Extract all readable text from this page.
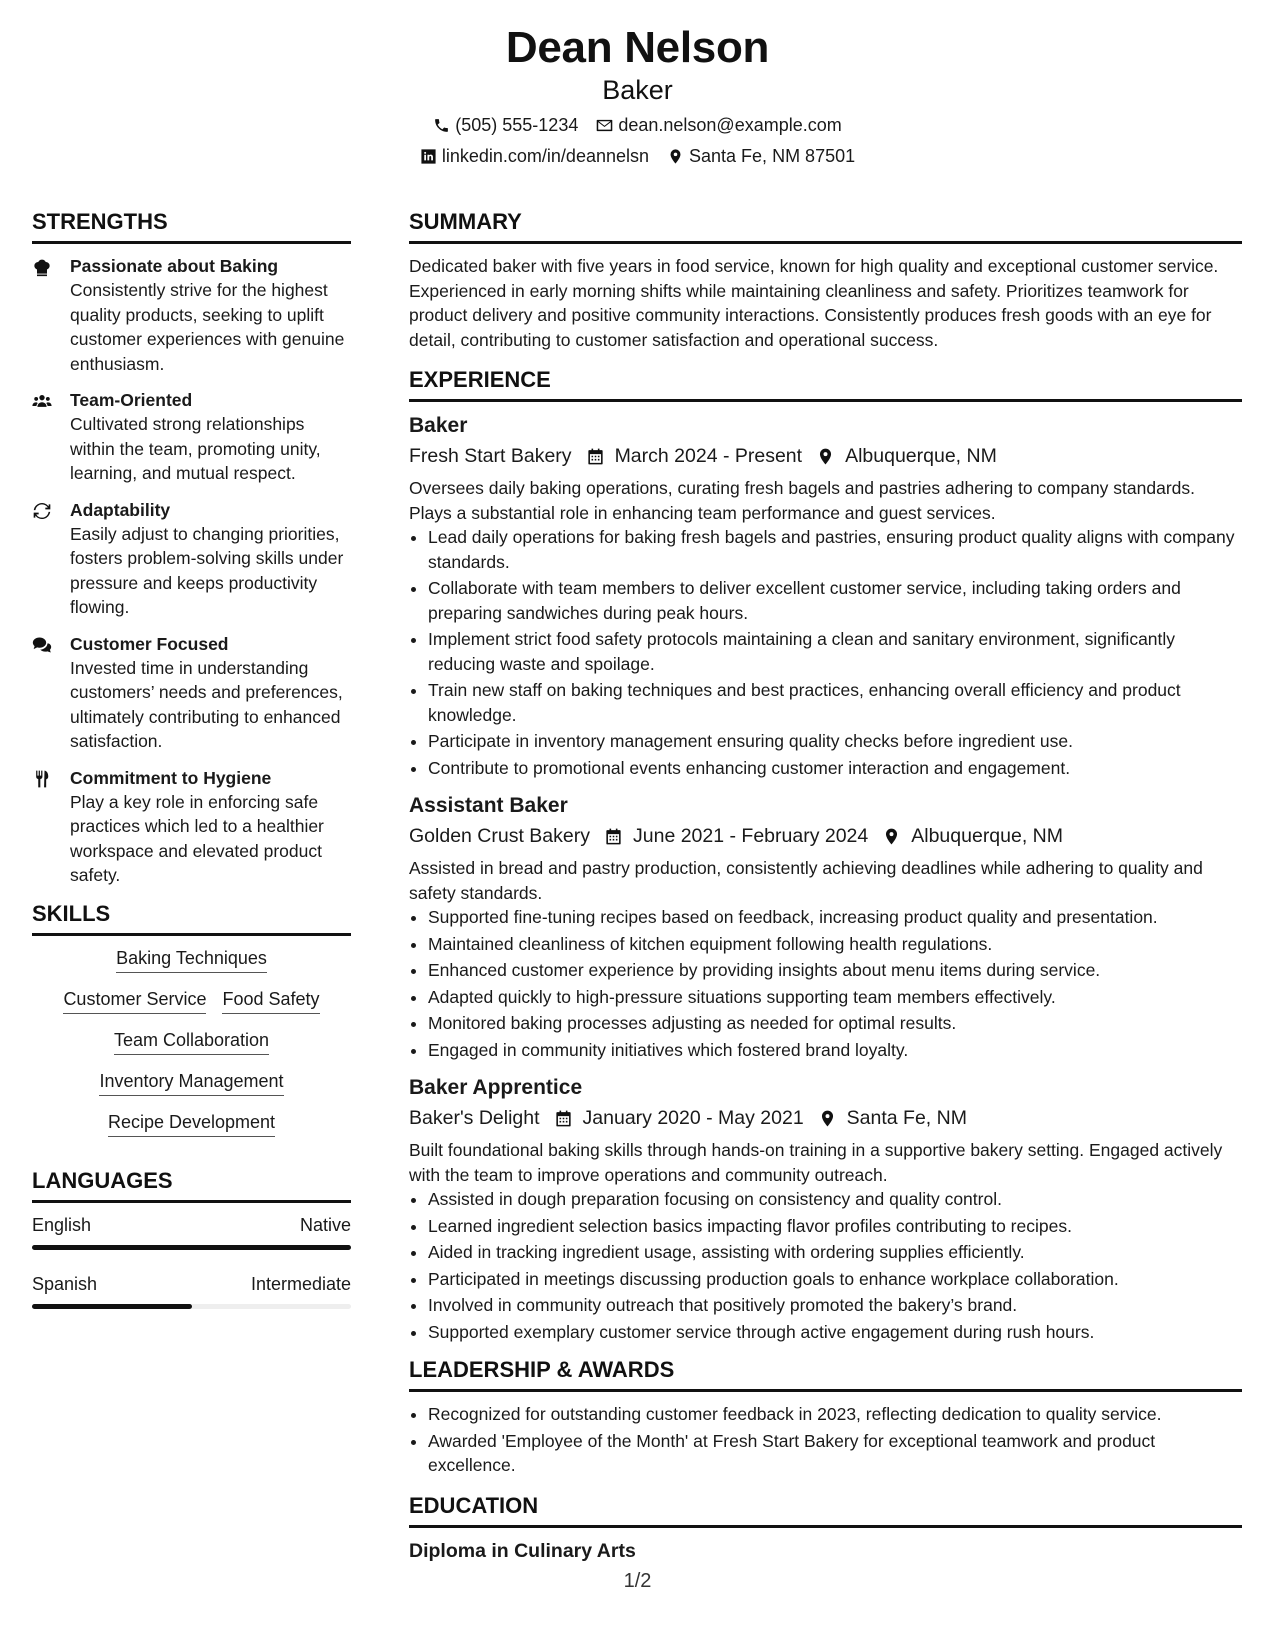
Dean Nelson
Baker
(505) 555-1234 dean.nelson@example.com
linkedin.com/in/deannelsn Santa Fe, NM 87501
STRENGTHS
Passionate about Baking
Consistently strive for the highest quality products, seeking to uplift customer experiences with genuine enthusiasm.
Team-Oriented
Cultivated strong relationships within the team, promoting unity, learning, and mutual respect.
Adaptability
Easily adjust to changing priorities, fosters problem-solving skills under pressure and keeps productivity flowing.
Customer Focused
Invested time in understanding customers’ needs and preferences, ultimately contributing to enhanced satisfaction.
Commitment to Hygiene
Play a key role in enforcing safe practices which led to a healthier workspace and elevated product safety.
SKILLS
Baking Techniques
Customer Service Food Safety
Team Collaboration
Inventory Management
Recipe Development
LANGUAGES
English	Native
Spanish	Intermediate
SUMMARY
Dedicated baker with five years in food service, known for high quality and exceptional customer service. Experienced in early morning shifts while maintaining cleanliness and safety. Prioritizes teamwork for product delivery and positive community interactions. Consistently produces fresh goods with an eye for detail, contributing to customer satisfaction and operational success.
EXPERIENCE
Baker
Fresh Start Bakery March 2024 - Present Albuquerque, NM
Oversees daily baking operations, curating fresh bagels and pastries adhering to company standards. Plays a substantial role in enhancing team performance and guest services.
• Lead daily operations for baking fresh bagels and pastries, ensuring product quality aligns with company standards.
• Collaborate with team members to deliver excellent customer service, including taking orders and preparing sandwiches during peak hours.
• Implement strict food safety protocols maintaining a clean and sanitary environment, significantly reducing waste and spoilage.
• Train new staff on baking techniques and best practices, enhancing overall efficiency and product knowledge.
• Participate in inventory management ensuring quality checks before ingredient use.
• Contribute to promotional events enhancing customer interaction and engagement.
Assistant Baker
Golden Crust Bakery June 2021 - February 2024 Albuquerque, NM
Assisted in bread and pastry production, consistently achieving deadlines while adhering to quality and safety standards.
• Supported fine-tuning recipes based on feedback, increasing product quality and presentation.
• Maintained cleanliness of kitchen equipment following health regulations.
• Enhanced customer experience by providing insights about menu items during service.
• Adapted quickly to high-pressure situations supporting team members effectively.
• Monitored baking processes adjusting as needed for optimal results.
• Engaged in community initiatives which fostered brand loyalty.
Baker Apprentice
Baker's Delight January 2020 - May 2021 Santa Fe, NM
Built foundational baking skills through hands-on training in a supportive bakery setting. Engaged actively with the team to improve operations and community outreach.
• Assisted in dough preparation focusing on consistency and quality control.
• Learned ingredient selection basics impacting flavor profiles contributing to recipes.
• Aided in tracking ingredient usage, assisting with ordering supplies efficiently.
• Participated in meetings discussing production goals to enhance workplace collaboration.
• Involved in community outreach that positively promoted the bakery’s brand.
• Supported exemplary customer service through active engagement during rush hours.
LEADERSHIP & AWARDS
• Recognized for outstanding customer feedback in 2023, reflecting dedication to quality service.
• Awarded 'Employee of the Month' at Fresh Start Bakery for exceptional teamwork and product excellence.
EDUCATION
Diploma in Culinary Arts
1/2
